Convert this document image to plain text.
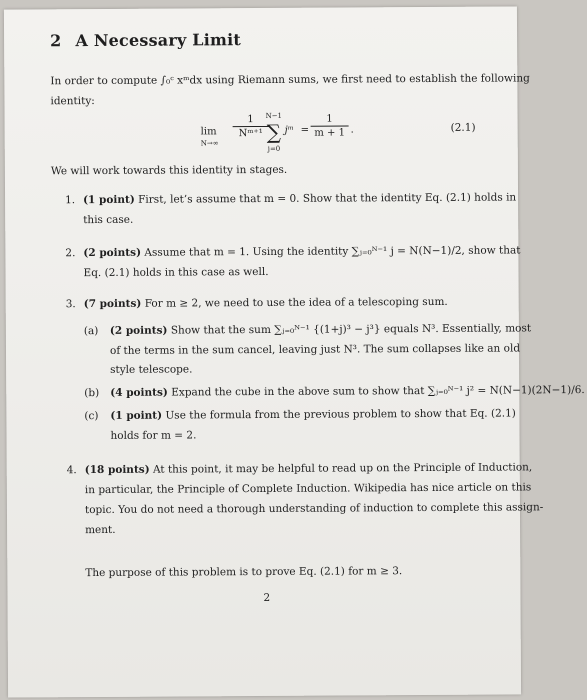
2 A Necessary Limit
In order to compute ∫₀ᶜ xᵐdx using Riemann sums, we first need to establish the following
identity:
lim
N→∞
1
Nᵐ⁺¹
N−1
∑
j=0
jᵐ =
1
m + 1 .	(2.1)
We will work towards this identity in stages.
1. (1 point) First, let’s assume that m = 0. Show that the identity Eq. (2.1) holds in
this case.
2. (2 points) Assume that m = 1. Using the identity ∑ⱼ₌₀ᴺ⁻¹ j = N(N−1)/2, show that
Eq. (2.1) holds in this case as well.
3. (7 points) For m ≥ 2, we need to use the idea of a telescoping sum.
(a) (2 points) Show that the sum ∑ⱼ₌₀ᴺ⁻¹ {(1+j)³ − j³} equals N³. Essentially, most
of the terms in the sum cancel, leaving just N³. The sum collapses like an old
style telescope.
(b) (4 points) Expand the cube in the above sum to show that ∑ⱼ₌₀ᴺ⁻¹ j² = N(N−1)(2N−1)/6.
(c) (1 point) Use the formula from the previous problem to show that Eq. (2.1)
holds for m = 2.
4. (18 points) At this point, it may be helpful to read up on the Principle of Induction,
in particular, the Principle of Complete Induction. Wikipedia has nice article on this
topic. You do not need a thorough understanding of induction to complete this assign-
ment.
The purpose of this problem is to prove Eq. (2.1) for m ≥ 3.
2
